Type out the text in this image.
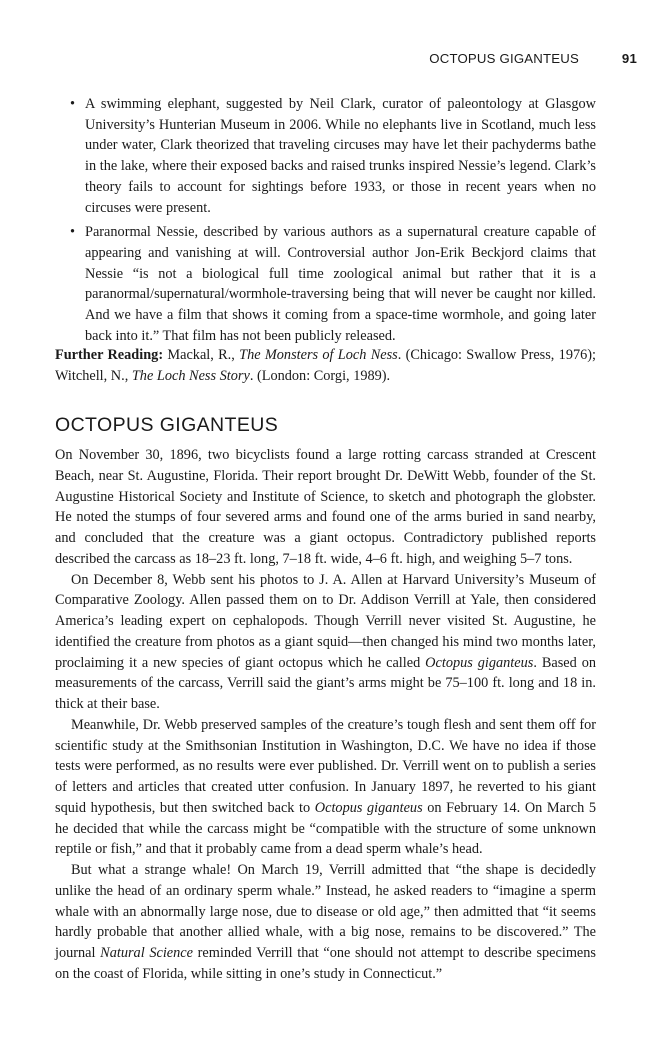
OCTOPUS GIGANTEUS	91
• A swimming elephant, suggested by Neil Clark, curator of paleontology at Glasgow University’s Hunterian Museum in 2006. While no elephants live in Scotland, much less under water, Clark theorized that traveling circuses may have let their pachyderms bathe in the lake, where their exposed backs and raised trunks inspired Nessie’s legend. Clark’s theory fails to account for sightings before 1933, or those in recent years when no circuses were present.
• Paranormal Nessie, described by various authors as a supernatural creature capable of appearing and vanishing at will. Controversial author Jon-Erik Beckjord claims that Nessie “is not a biological full time zoological animal but rather that it is a paranormal/supernatural/wormhole-traversing being that will never be caught nor killed. And we have a film that shows it coming from a space-time wormhole, and going later back into it.” That film has not been publicly released.

Further Reading: Mackal, R., The Monsters of Loch Ness. (Chicago: Swallow Press, 1976); Witchell, N., The Loch Ness Story. (London: Corgi, 1989).

OCTOPUS GIGANTEUS

On November 30, 1896, two bicyclists found a large rotting carcass stranded at Crescent Beach, near St. Augustine, Florida. Their report brought Dr. DeWitt Webb, founder of the St. Augustine Historical Society and Institute of Science, to sketch and photograph the globster. He noted the stumps of four severed arms and found one of the arms buried in sand nearby, and concluded that the creature was a giant octopus. Contradictory published reports described the carcass as 18–23 ft. long, 7–18 ft. wide, 4–6 ft. high, and weighing 5–7 tons.

On December 8, Webb sent his photos to J. A. Allen at Harvard University’s Museum of Comparative Zoology. Allen passed them on to Dr. Addison Verrill at Yale, then considered America’s leading expert on cephalopods. Though Verrill never visited St. Augustine, he identified the creature from photos as a giant squid—then changed his mind two months later, proclaiming it a new species of giant octopus which he called Octopus giganteus. Based on measurements of the carcass, Verrill said the giant’s arms might be 75–100 ft. long and 18 in. thick at their base.

Meanwhile, Dr. Webb preserved samples of the creature’s tough flesh and sent them off for scientific study at the Smithsonian Institution in Washington, D.C. We have no idea if those tests were performed, as no results were ever published. Dr. Verrill went on to publish a series of letters and articles that created utter confusion. In January 1897, he reverted to his giant squid hypothesis, but then switched back to Octopus giganteus on February 14. On March 5 he decided that while the carcass might be “compatible with the structure of some unknown reptile or fish,” and that it probably came from a dead sperm whale’s head.

But what a strange whale! On March 19, Verrill admitted that “the shape is decidedly unlike the head of an ordinary sperm whale.” Instead, he asked readers to “imagine a sperm whale with an abnormally large nose, due to disease or old age,” then admitted that “it seems hardly probable that another allied whale, with a big nose, remains to be discovered.” The journal Natural Science reminded Verrill that “one should not attempt to describe specimens on the coast of Florida, while sitting in one’s study in Connecticut.”
